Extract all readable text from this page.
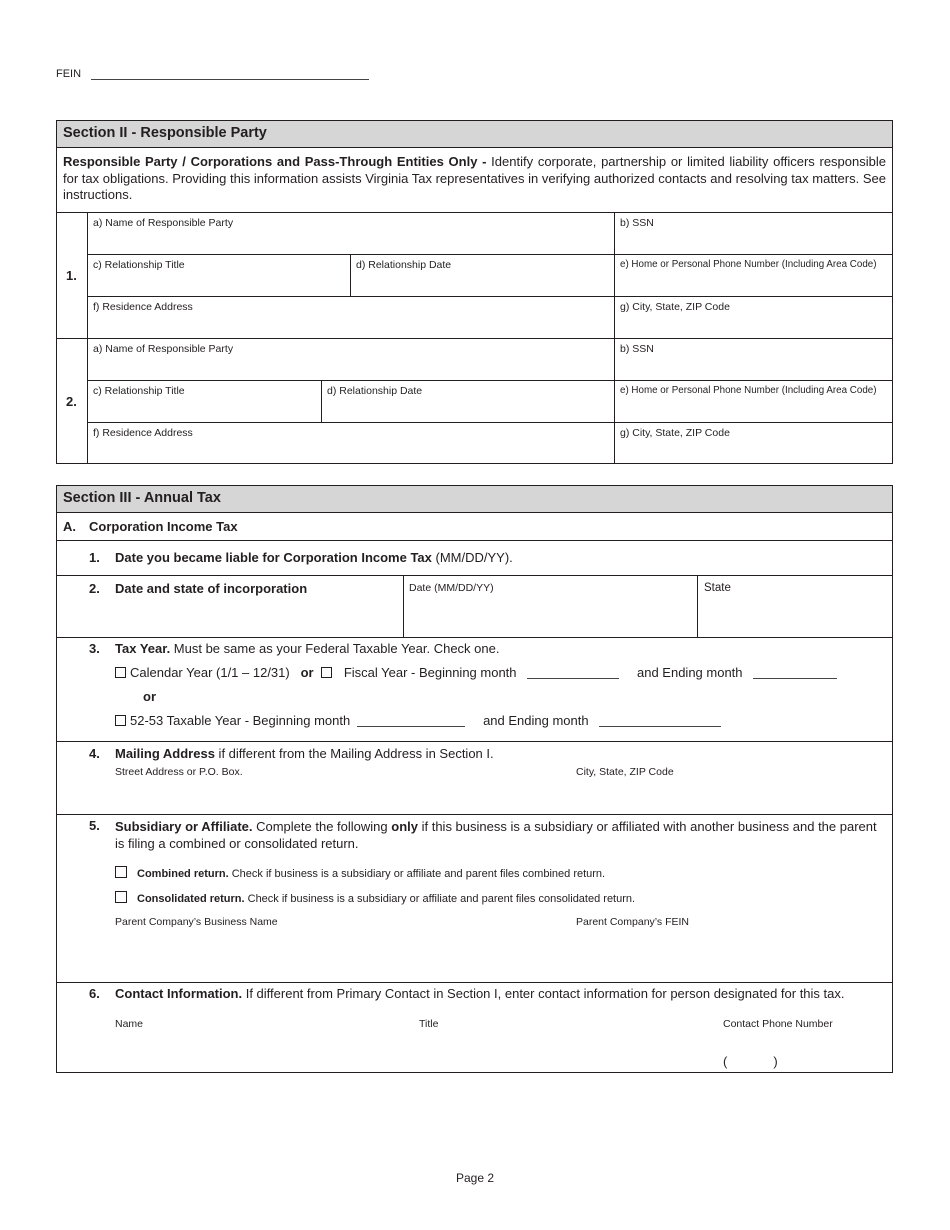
FEIN
Section II - Responsible Party
Responsible Party / Corporations and Pass-Through Entities Only - Identify corporate, partnership or limited liability officers responsible for tax obligations. Providing this information assists Virginia Tax representatives in verifying authorized contacts and resolving tax matters. See instructions.
1.
a) Name of Responsible Party	b) SSN
c) Relationship Title	d) Relationship Date	e) Home or Personal Phone Number (Including Area Code)
f) Residence Address	g) City, State, ZIP Code
2.
a) Name of Responsible Party	b) SSN
c) Relationship Title	d) Relationship Date	e) Home or Personal Phone Number (Including Area Code)
f) Residence Address	g) City, State, ZIP Code
Section III - Annual Tax
A. Corporation Income Tax
1. Date you became liable for Corporation Income Tax (MM/DD/YY).
2. Date and state of incorporation	Date (MM/DD/YY)	State
3. Tax Year. Must be same as your Federal Taxable Year. Check one.
Calendar Year (1/1 – 12/31) or Fiscal Year - Beginning month	and Ending month
or
52-53 Taxable Year - Beginning month	and Ending month
4. Mailing Address if different from the Mailing Address in Section I.
Street Address or P.O. Box.	City, State, ZIP Code
5. Subsidiary or Affiliate. Complete the following only if this business is a subsidiary or affiliated with another business and the parent is filing a combined or consolidated return.
Combined return. Check if business is a subsidiary or affiliate and parent files combined return.
Consolidated return. Check if business is a subsidiary or affiliate and parent files consolidated return.
Parent Company’s Business Name	Parent Company’s FEIN
6. Contact Information. If different from Primary Contact in Section I, enter contact information for person designated for this tax.
Name	Title	Contact Phone Number
(	)
Page 2
